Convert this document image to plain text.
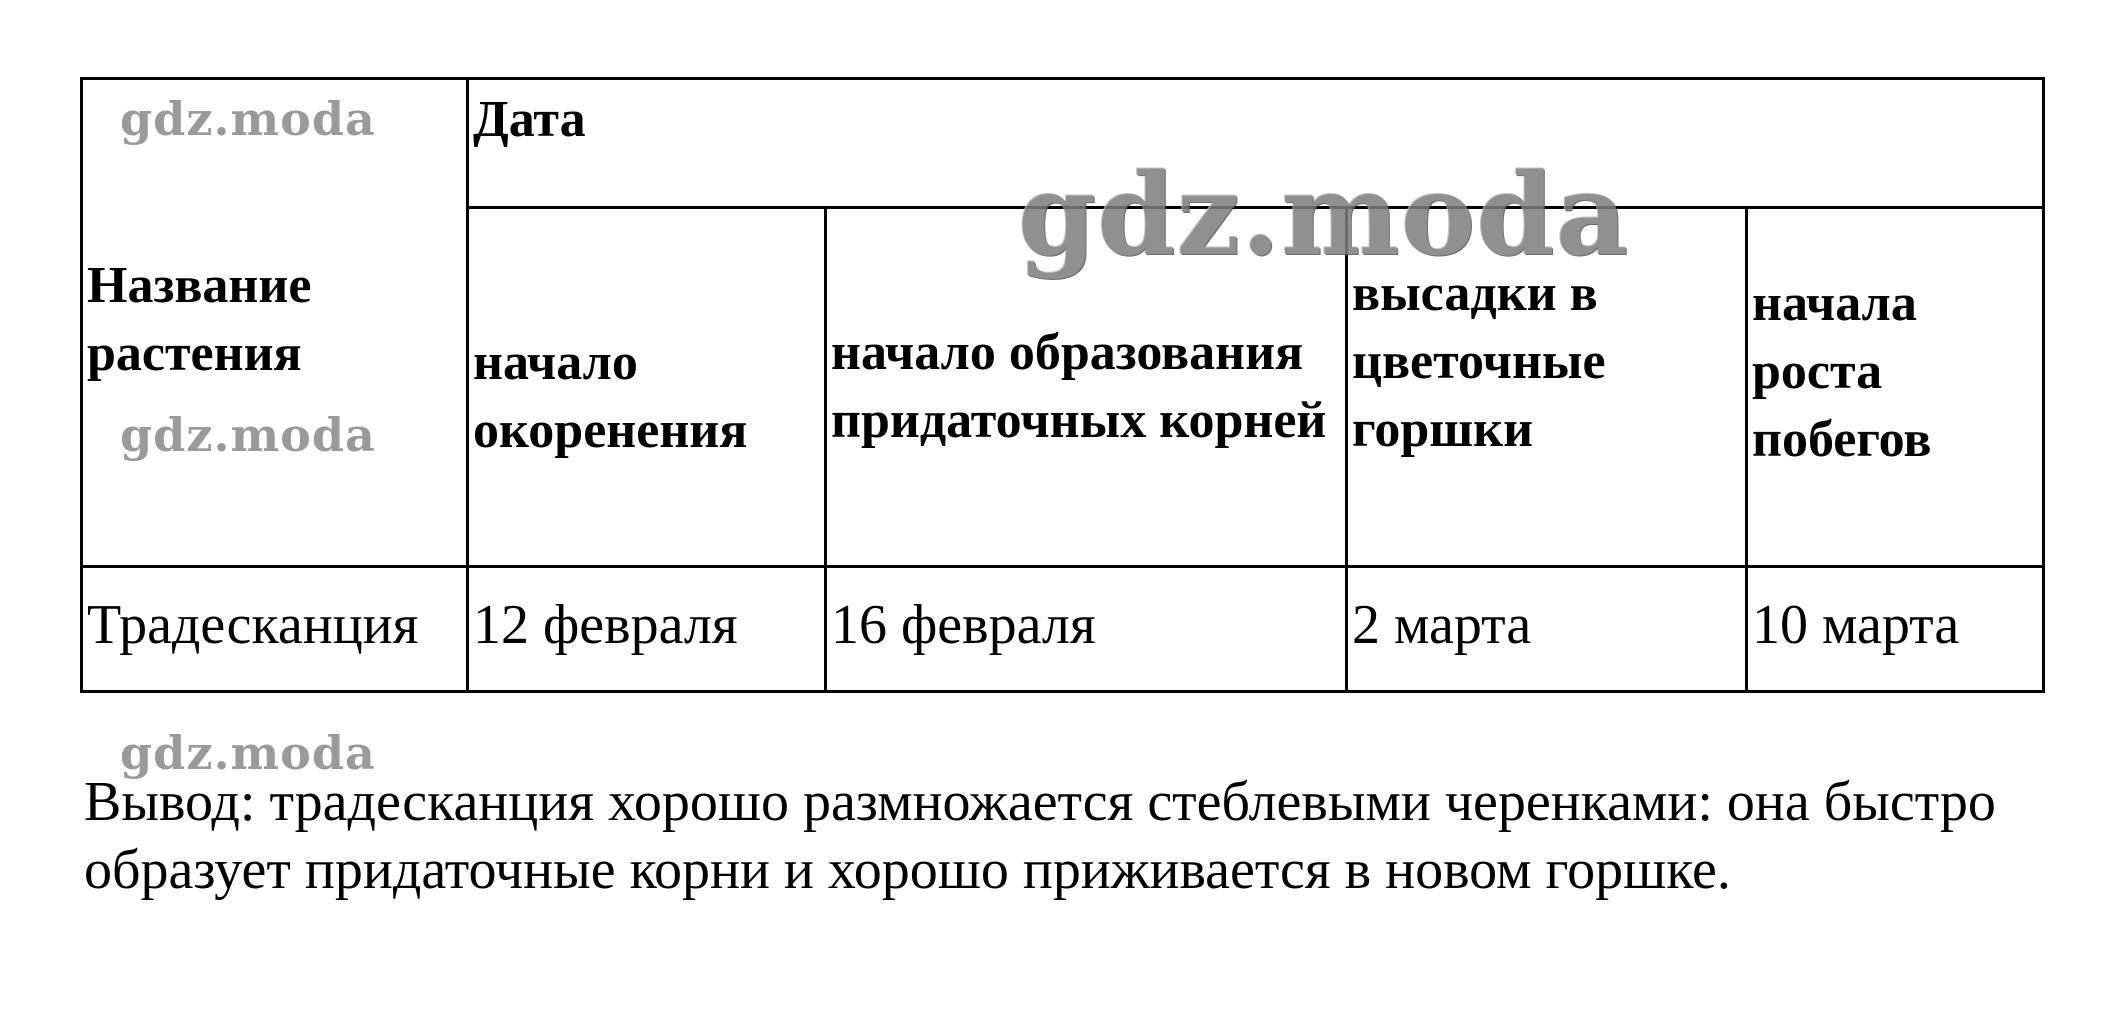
Название растения	Дата			

	начало окоренения	начало образования придаточных корней	высадки в цветочные горшки	начала роста побегов

Традесканция	12 февраля	16 февраля	2 марта	10 марта
Вывод: традесканция хорошо размножается стеблевыми черенками: она быстро образует придаточные корни и хорошо приживается в новом горшке.
gdz.moda
gdz.moda
gdz.moda
gdz.moda
